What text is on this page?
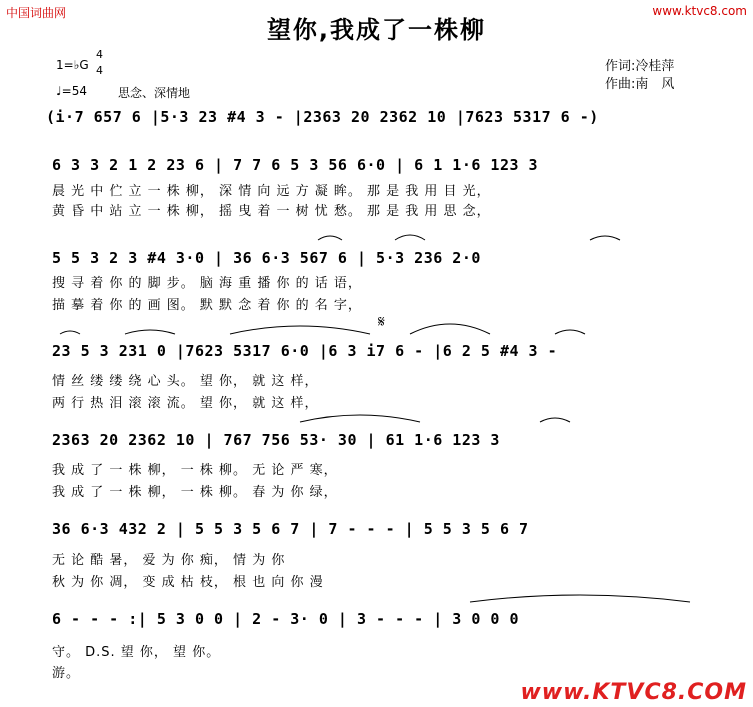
中国词曲网	www.ktvc8.com
望你,我成了一株柳
1=♭G
4
4
♩=54	思念、深情地
作词:冷桂萍
作曲:南　风
(i·7 657 6 |5·3 23 #4 3 - |2363 20 2362 10 |7623 5317 6 -)
6 3 3 2 1 2 23 6 | 7 7 6 5 3 56 6·0 | 6 1 1·6 123 3
晨 光 中 伫 立 一 株 柳， 深 情 向 远 方 凝 眸。 那 是 我 用 目 光，
黄 昏 中 站 立 一 株 柳， 摇 曳 着 一 树 忧 愁。 那 是 我 用 思 念，
5 5 3 2 3 #4 3·0 | 36 6·3 567 6 | 5·3 236 2·0
搜 寻 着 你 的 脚 步。 脑 海 重 播 你 的 话 语，
描 摹 着 你 的 画 图。 默 默 念 着 你 的 名 字，
𝄋
23 5 3 231 0 |7623 5317 6·0 |6 3 i7 6 - |6 2 5 #4 3 -
情 丝 缕 缕 绕 心 头。 望 你， 就 这 样，
两 行 热 泪 滚 滚 流。 望 你， 就 这 样，
2363 20 2362 10 | 767 756 53· 30 | 61 1·6 123 3
我 成 了 一 株 柳， 一 株 柳。 无 论 严 寒，
我 成 了 一 株 柳， 一 株 柳。 春 为 你 绿，
36 6·3 432 2 | 5 5 3 5 6 7 | 7 - - - | 5 5 3 5 6 7
无 论 酷 暑， 爱 为 你 痴， 情 为 你
秋 为 你 凋， 变 成 枯 枝， 根 也 向 你 漫
6 - - - :| 5 3 0 0 | 2 - 3· 0 | 3 - - - | 3 0 0 0
守。 D.S. 望 你， 望 你。
游。
www.KTVC8.COM
